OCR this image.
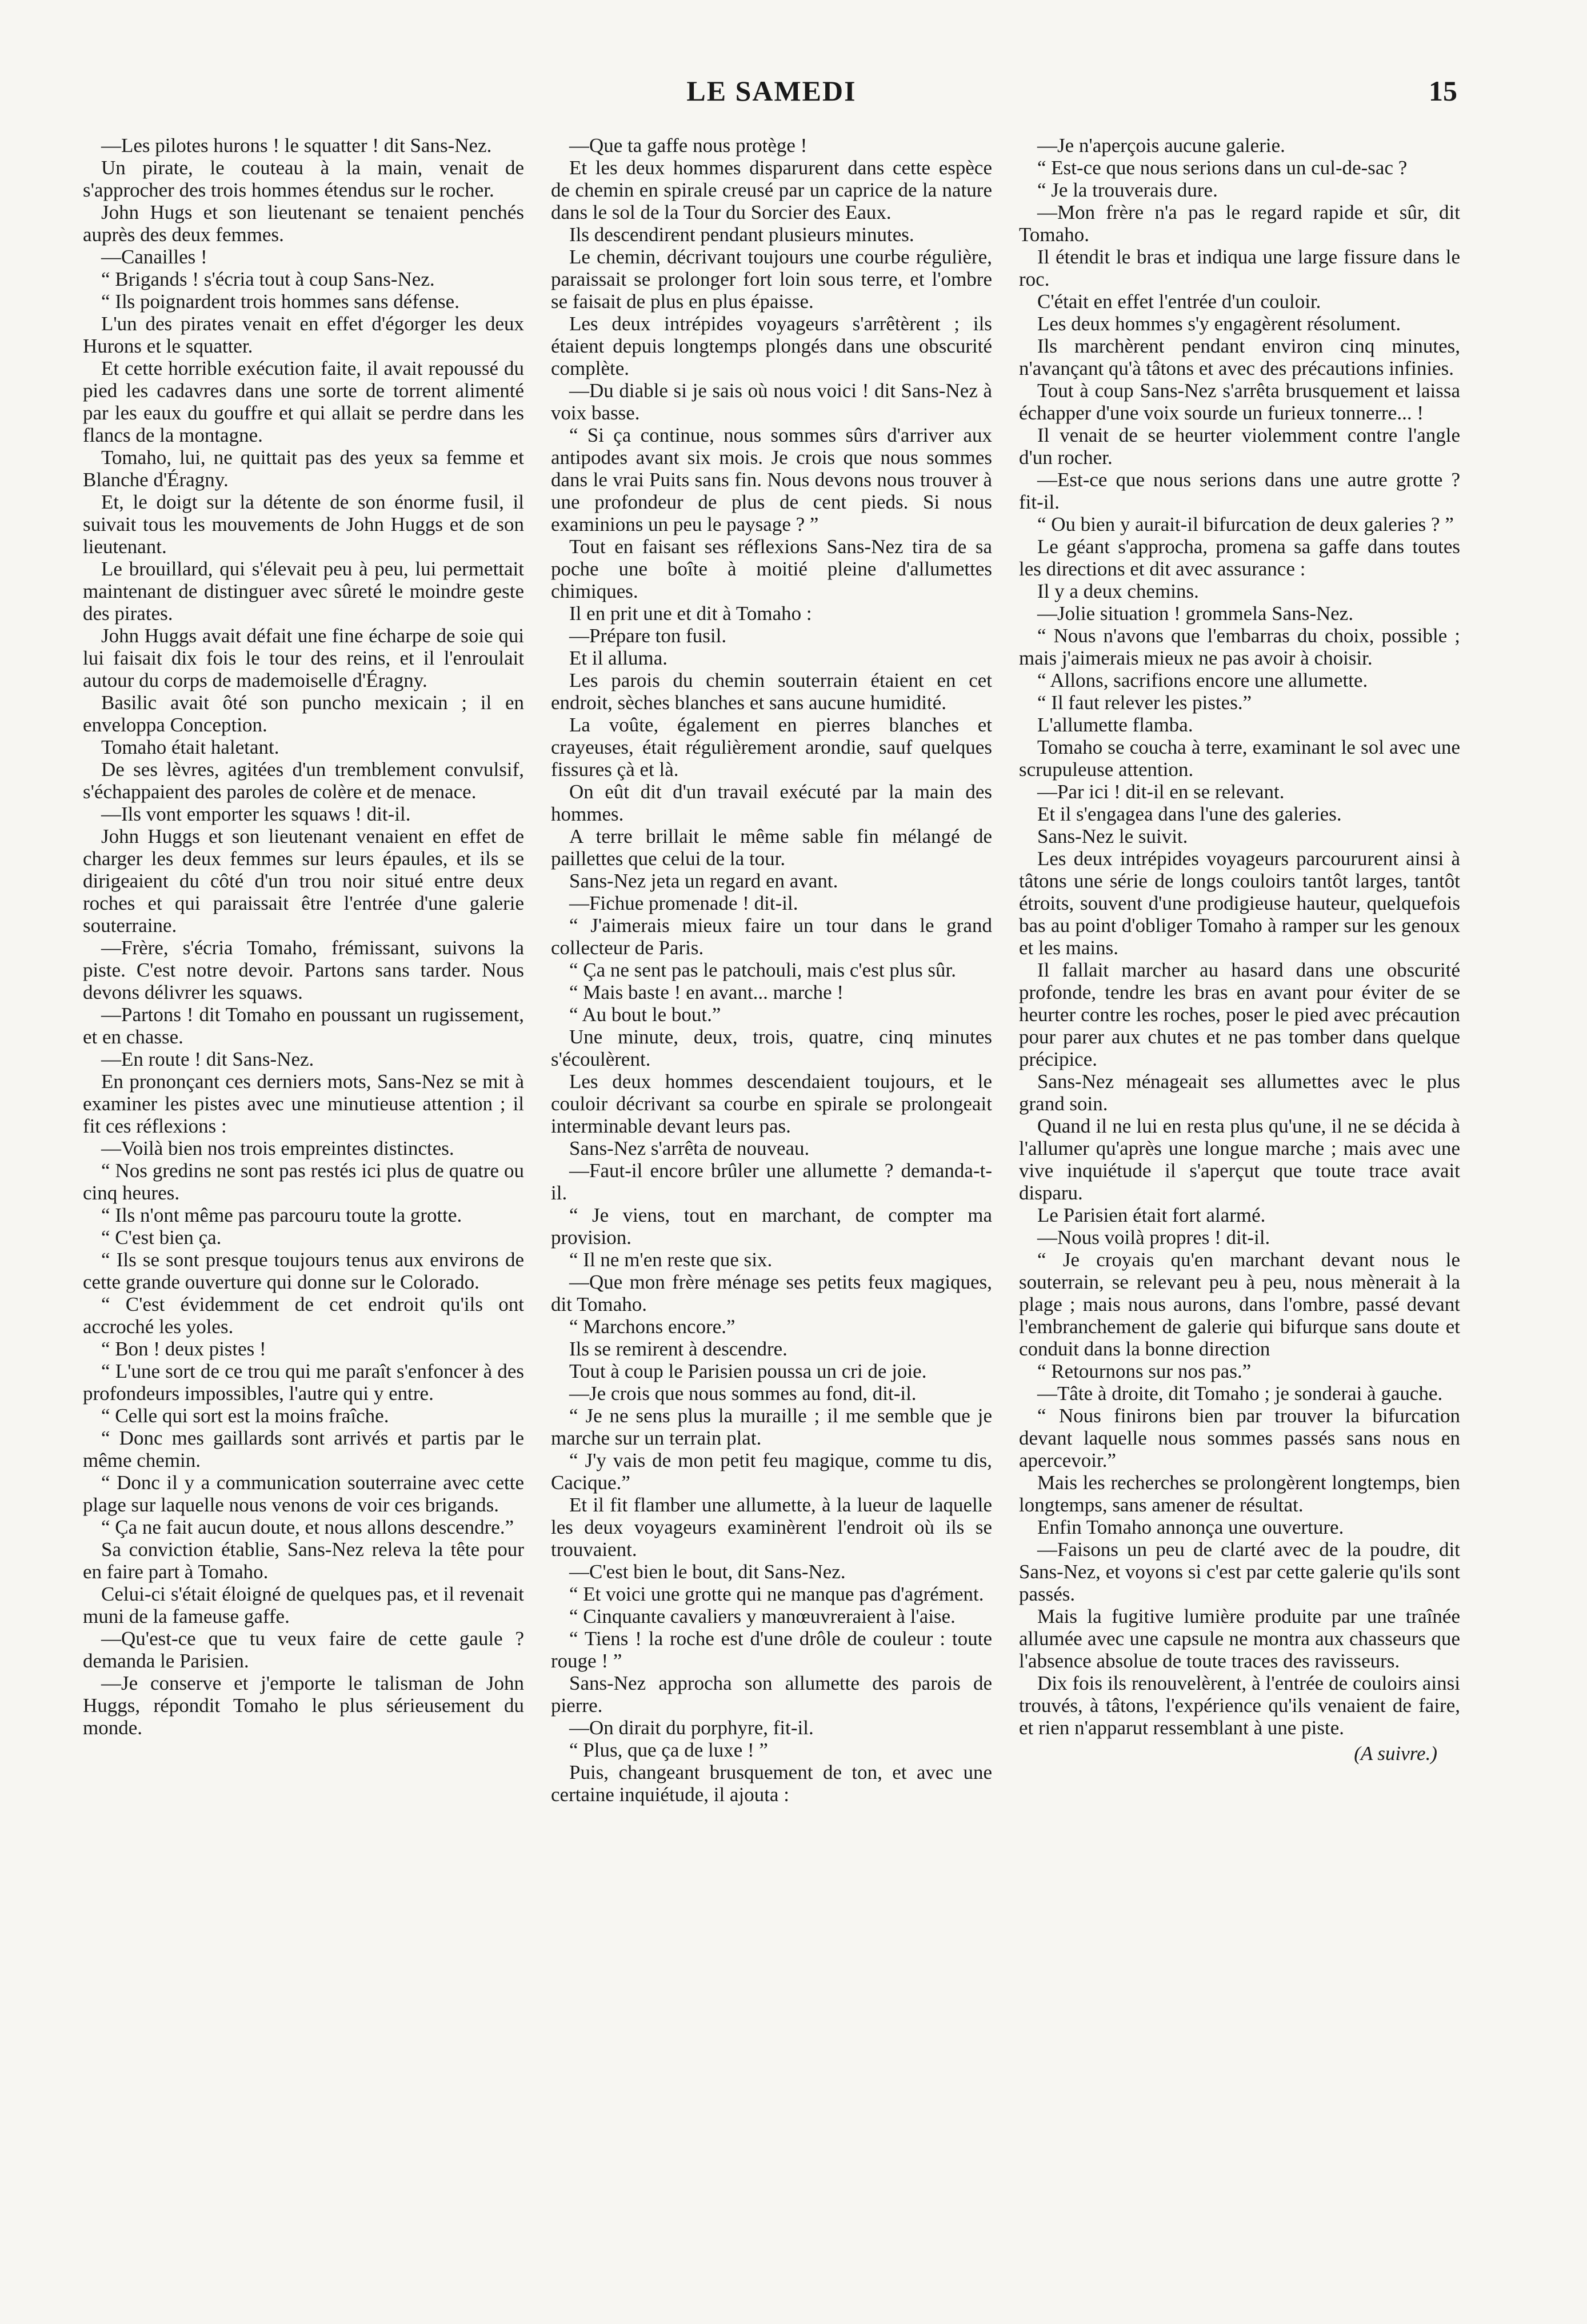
LE SAMEDI	15

—Les pilotes hurons ! le squatter ! dit Sans-Nez.

Un pirate, le couteau à la main, venait de s'approcher des trois hommes étendus sur le rocher.

John Hugs et son lieutenant se tenaient penchés auprès des deux femmes.

—Canailles !

“ Brigands ! s'écria tout à coup Sans-Nez.

“ Ils poignardent trois hommes sans défense.

L'un des pirates venait en effet d'égorger les deux Hurons et le squatter.

Et cette horrible exécution faite, il avait repoussé du pied les cadavres dans une sorte de torrent alimenté par les eaux du gouffre et qui allait se perdre dans les flancs de la montagne.

Tomaho, lui, ne quittait pas des yeux sa femme et Blanche d'Éragny.

Et, le doigt sur la détente de son énorme fusil, il suivait tous les mouvements de John Huggs et de son lieutenant.

Le brouillard, qui s'élevait peu à peu, lui permettait maintenant de distinguer avec sûreté le moindre geste des pirates.

John Huggs avait défait une fine écharpe de soie qui lui faisait dix fois le tour des reins, et il l'enroulait autour du corps de mademoiselle d'Éragny.

Basilic avait ôté son puncho mexicain ; il en enveloppa Conception.

Tomaho était haletant.

De ses lèvres, agitées d'un tremblement convulsif, s'échappaient des paroles de colère et de menace.

—Ils vont emporter les squaws ! dit-il.

John Huggs et son lieutenant venaient en effet de charger les deux femmes sur leurs épaules, et ils se dirigeaient du côté d'un trou noir situé entre deux roches et qui paraissait être l'entrée d'une galerie souterraine.

—Frère, s'écria Tomaho, frémissant, suivons la piste. C'est notre devoir. Partons sans tarder. Nous devons délivrer les squaws.

—Partons ! dit Tomaho en poussant un rugissement, et en chasse.

—En route ! dit Sans-Nez.

En prononçant ces derniers mots, Sans-Nez se mit à examiner les pistes avec une minutieuse attention ; il fit ces réflexions :

—Voilà bien nos trois empreintes distinctes.

“ Nos gredins ne sont pas restés ici plus de quatre ou cinq heures.

“ Ils n'ont même pas parcouru toute la grotte.

“ C'est bien ça.

“ Ils se sont presque toujours tenus aux environs de cette grande ouverture qui donne sur le Colorado.

“ C'est évidemment de cet endroit qu'ils ont accroché les yoles.

“ Bon ! deux pistes !

“ L'une sort de ce trou qui me paraît s'enfoncer à des profondeurs impossibles, l'autre qui y entre.

“ Celle qui sort est la moins fraîche.

“ Donc mes gaillards sont arrivés et partis par le même chemin.

“ Donc il y a communication souterraine avec cette plage sur laquelle nous venons de voir ces brigands.

“ Ça ne fait aucun doute, et nous allons descendre.”

Sa conviction établie, Sans-Nez releva la tête pour en faire part à Tomaho.

Celui-ci s'était éloigné de quelques pas, et il revenait muni de la fameuse gaffe.

—Qu'est-ce que tu veux faire de cette gaule ? demanda le Parisien.

—Je conserve et j'emporte le talisman de John Huggs, répondit Tomaho le plus sérieusement du monde.

—Que ta gaffe nous protège !

Et les deux hommes disparurent dans cette espèce de chemin en spirale creusé par un caprice de la nature dans le sol de la Tour du Sorcier des Eaux.

Ils descendirent pendant plusieurs minutes.

Le chemin, décrivant toujours une courbe régulière, paraissait se prolonger fort loin sous terre, et l'ombre se faisait de plus en plus épaisse.

Les deux intrépides voyageurs s'arrêtèrent ; ils étaient depuis longtemps plongés dans une obscurité complète.

—Du diable si je sais où nous voici ! dit Sans-Nez à voix basse.

“ Si ça continue, nous sommes sûrs d'arriver aux antipodes avant six mois. Je crois que nous sommes dans le vrai Puits sans fin. Nous devons nous trouver à une profondeur de plus de cent pieds. Si nous examinions un peu le paysage ? ”

Tout en faisant ses réflexions Sans-Nez tira de sa poche une boîte à moitié pleine d'allumettes chimiques.

Il en prit une et dit à Tomaho :

—Prépare ton fusil.

Et il alluma.

Les parois du chemin souterrain étaient en cet endroit, sèches blanches et sans aucune humidité.

La voûte, également en pierres blanches et crayeuses, était régulièrement arondie, sauf quelques fissures çà et là.

On eût dit d'un travail exécuté par la main des hommes.

A terre brillait le même sable fin mélangé de paillettes que celui de la tour.

Sans-Nez jeta un regard en avant.

—Fichue promenade ! dit-il.

“ J'aimerais mieux faire un tour dans le grand collecteur de Paris.

“ Ça ne sent pas le patchouli, mais c'est plus sûr.

“ Mais baste ! en avant... marche !

“ Au bout le bout.”

Une minute, deux, trois, quatre, cinq minutes s'écoulèrent.

Les deux hommes descendaient toujours, et le couloir décrivant sa courbe en spirale se prolongeait interminable devant leurs pas.

Sans-Nez s'arrêta de nouveau.

—Faut-il encore brûler une allumette ? demanda-t-il.

“ Je viens, tout en marchant, de compter ma provision.

“ Il ne m'en reste que six.

—Que mon frère ménage ses petits feux magiques, dit Tomaho.

“ Marchons encore.”

Ils se remirent à descendre.

Tout à coup le Parisien poussa un cri de joie.

—Je crois que nous sommes au fond, dit-il.

“ Je ne sens plus la muraille ; il me semble que je marche sur un terrain plat.

“ J'y vais de mon petit feu magique, comme tu dis, Cacique.”

Et il fit flamber une allumette, à la lueur de laquelle les deux voyageurs examinèrent l'endroit où ils se trouvaient.

—C'est bien le bout, dit Sans-Nez.

“ Et voici une grotte qui ne manque pas d'agrément.

“ Cinquante cavaliers y manœuvreraient à l'aise.

“ Tiens ! la roche est d'une drôle de couleur : toute rouge ! ”

Sans-Nez approcha son allumette des parois de pierre.

—On dirait du porphyre, fit-il.

“ Plus, que ça de luxe ! ”

Puis, changeant brusquement de ton, et avec une certaine inquiétude, il ajouta :

—Je n'aperçois aucune galerie.

“ Est-ce que nous serions dans un cul-de-sac ?

“ Je la trouverais dure.

—Mon frère n'a pas le regard rapide et sûr, dit Tomaho.

Il étendit le bras et indiqua une large fissure dans le roc.

C'était en effet l'entrée d'un couloir.

Les deux hommes s'y engagèrent résolument.

Ils marchèrent pendant environ cinq minutes, n'avançant qu'à tâtons et avec des précautions infinies.

Tout à coup Sans-Nez s'arrêta brusquement et laissa échapper d'une voix sourde un furieux tonnerre... !

Il venait de se heurter violemment contre l'angle d'un rocher.

—Est-ce que nous serions dans une autre grotte ? fit-il.

“ Ou bien y aurait-il bifurcation de deux galeries ? ”

Le géant s'approcha, promena sa gaffe dans toutes les directions et dit avec assurance :

Il y a deux chemins.

—Jolie situation ! grommela Sans-Nez.

“ Nous n'avons que l'embarras du choix, possible ; mais j'aimerais mieux ne pas avoir à choisir.

“ Allons, sacrifions encore une allumette.

“ Il faut relever les pistes.”

L'allumette flamba.

Tomaho se coucha à terre, examinant le sol avec une scrupuleuse attention.

—Par ici ! dit-il en se relevant.

Et il s'engagea dans l'une des galeries.

Sans-Nez le suivit.

Les deux intrépides voyageurs parcoururent ainsi à tâtons une série de longs couloirs tantôt larges, tantôt étroits, souvent d'une prodigieuse hauteur, quelquefois bas au point d'obliger Tomaho à ramper sur les genoux et les mains.

Il fallait marcher au hasard dans une obscurité profonde, tendre les bras en avant pour éviter de se heurter contre les roches, poser le pied avec précaution pour parer aux chutes et ne pas tomber dans quelque précipice.

Sans-Nez ménageait ses allumettes avec le plus grand soin.

Quand il ne lui en resta plus qu'une, il ne se décida à l'allumer qu'après une longue marche ; mais avec une vive inquiétude il s'aperçut que toute trace avait disparu.

Le Parisien était fort alarmé.

—Nous voilà propres ! dit-il.

“ Je croyais qu'en marchant devant nous le souterrain, se relevant peu à peu, nous mènerait à la plage ; mais nous aurons, dans l'ombre, passé devant l'embranchement de galerie qui bifurque sans doute et conduit dans la bonne direction

“ Retournons sur nos pas.”

—Tâte à droite, dit Tomaho ; je sonderai à gauche.

“ Nous finirons bien par trouver la bifurcation devant laquelle nous sommes passés sans nous en apercevoir.”

Mais les recherches se prolongèrent longtemps, bien longtemps, sans amener de résultat.

Enfin Tomaho annonça une ouverture.

—Faisons un peu de clarté avec de la poudre, dit Sans-Nez, et voyons si c'est par cette galerie qu'ils sont passés.

Mais la fugitive lumière produite par une traînée allumée avec une capsule ne montra aux chasseurs que l'absence absolue de toute traces des ravisseurs.

Dix fois ils renouvelèrent, à l'entrée de couloirs ainsi trouvés, à tâtons, l'expérience qu'ils venaient de faire, et rien n'apparut ressemblant à une piste.

(A suivre.)
